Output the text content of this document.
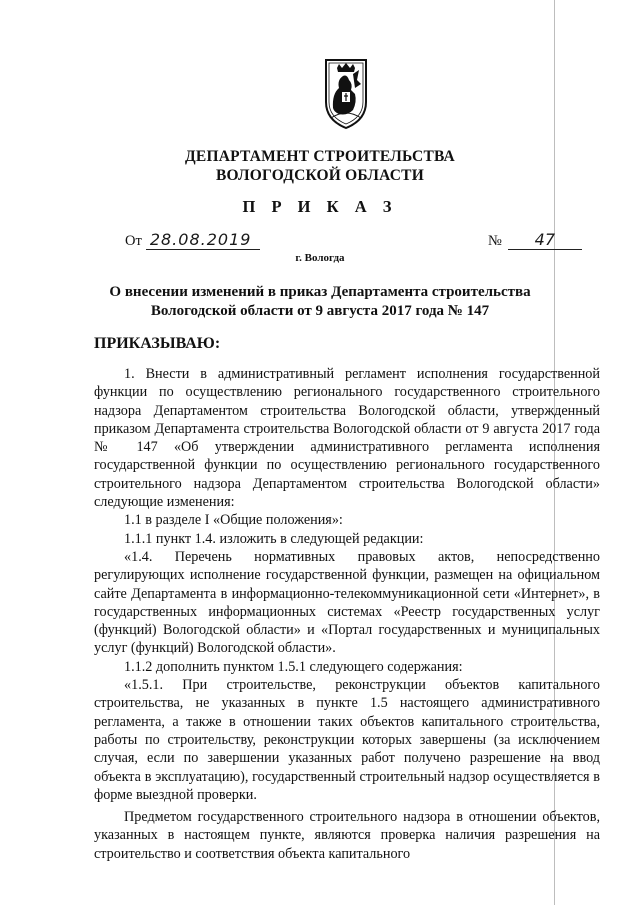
ДЕПАРТАМЕНТ СТРОИТЕЛЬСТВА
ВОЛОГОДСКОЙ ОБЛАСТИ
П Р И К А З
От 28.08.2019	№ 47
г. Вологда
О внесении изменений в приказ Департамента строительства
Вологодской области от 9 августа 2017 года № 147
ПРИКАЗЫВАЮ:

1. Внести в административный регламент исполнения государственной функции по осуществлению регионального государственного строительного надзора Департаментом строительства Вологодской области, утвержденный приказом Департамента строительства Вологодской области от 9 августа 2017 года № 147 «Об утверждении административного регламента исполнения государственной функции по осуществлению регионального государственного строительного надзора Департаментом строительства Вологодской области» следующие изменения:

1.1 в разделе I «Общие положения»:

1.1.1 пункт 1.4. изложить в следующей редакции:

«1.4. Перечень нормативных правовых актов, непосредственно регулирующих исполнение государственной функции, размещен на официальном сайте Департамента в информационно-телекоммуникационной сети «Интернет», в государственных информационных системах «Реестр государственных услуг (функций) Вологодской области» и «Портал государственных и муниципальных услуг (функций) Вологодской области».

1.1.2 дополнить пунктом 1.5.1 следующего содержания:

«1.5.1. При строительстве, реконструкции объектов капитального строительства, не указанных в пункте 1.5 настоящего административного регламента, а также в отношении таких объектов капитального строительства, работы по строительству, реконструкции которых завершены (за исключением случая, если по завершении указанных работ получено разрешение на ввод объекта в эксплуатацию), государственный строительный надзор осуществляется в форме выездной проверки.

Предметом государственного строительного надзора в отношении объектов, указанных в настоящем пункте, являются проверка наличия разрешения на строительство и соответствия объекта капитального
